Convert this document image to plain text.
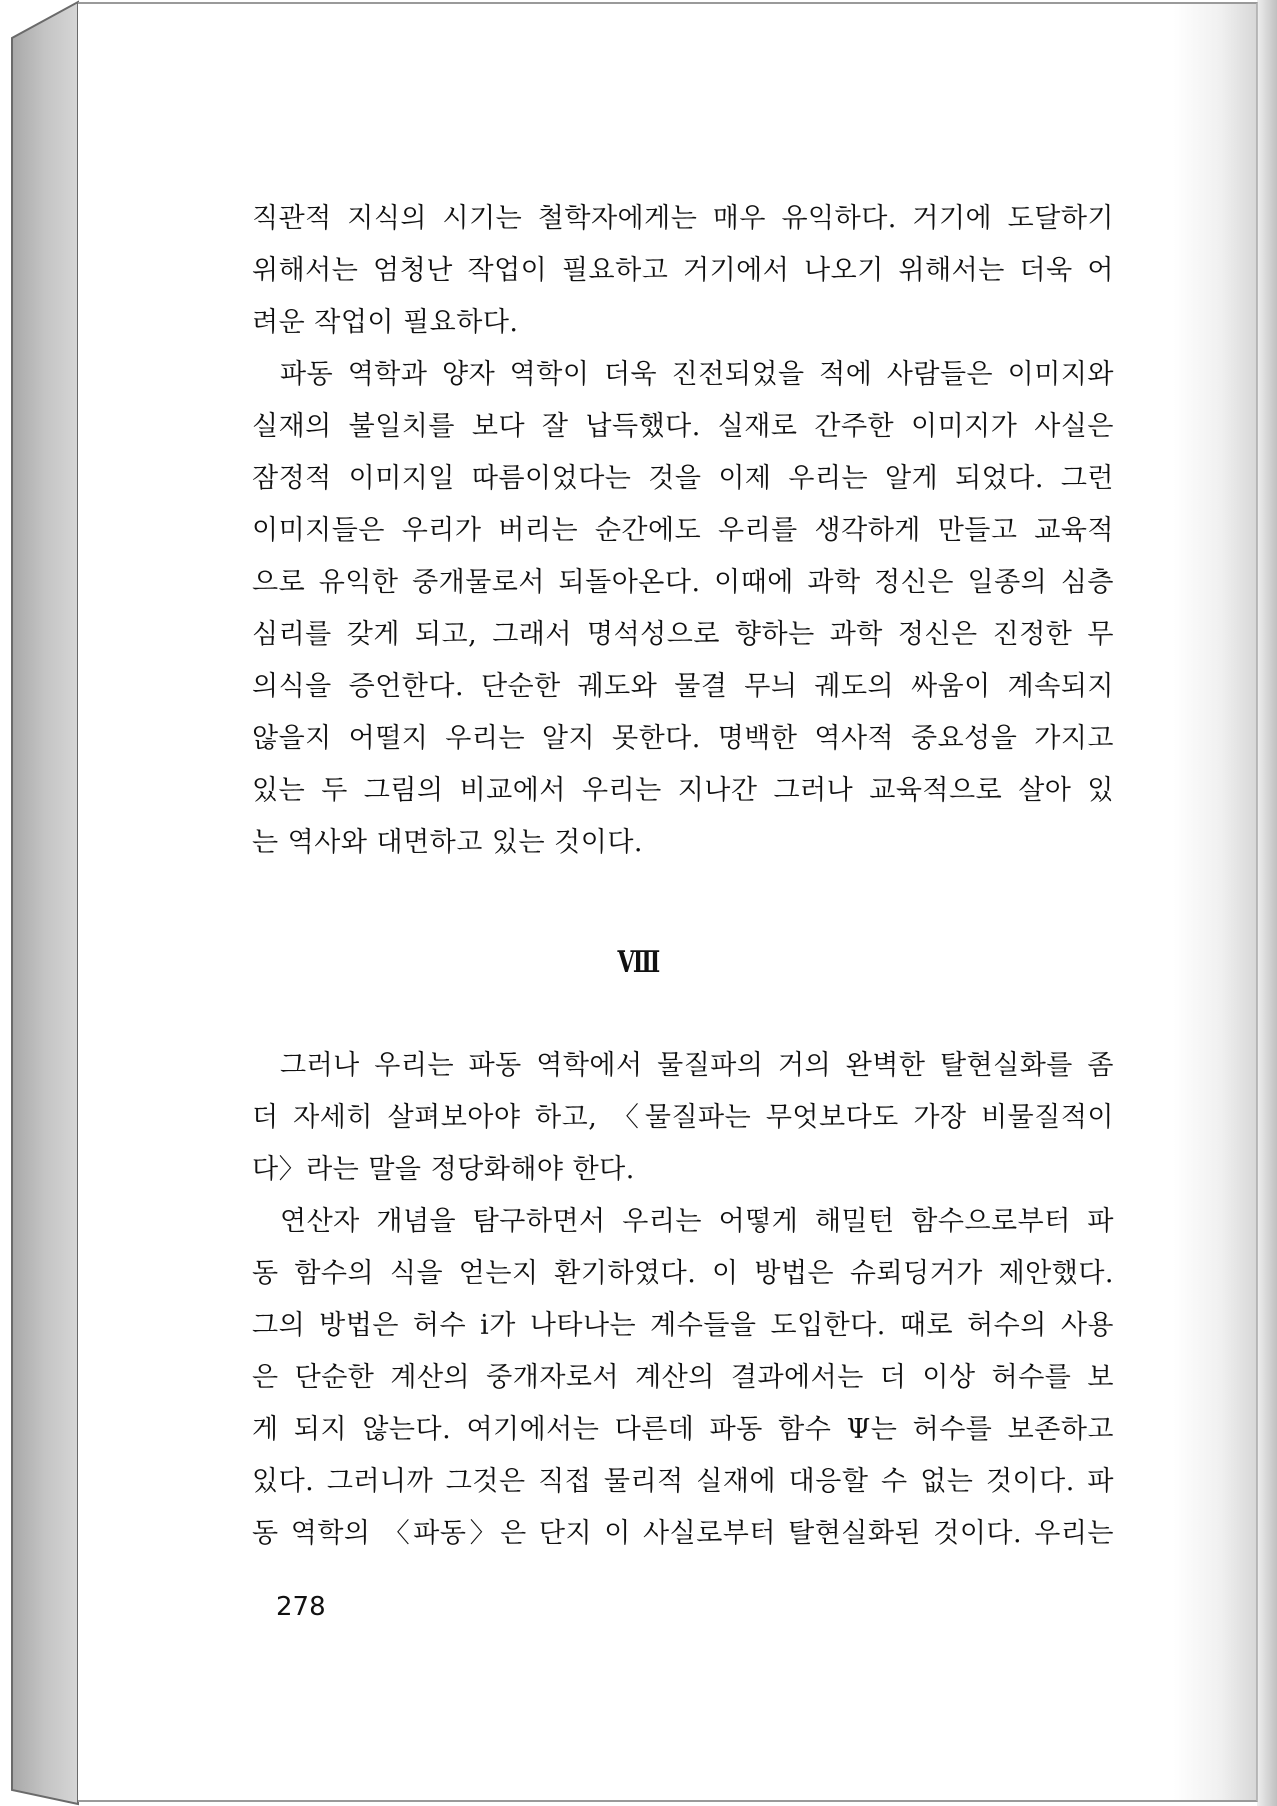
직관적 지식의 시기는 철학자에게는 매우 유익하다. 거기에 도달하기
위해서는 엄청난 작업이 필요하고 거기에서 나오기 위해서는 더욱 어
려운 작업이 필요하다.
파동 역학과 양자 역학이 더욱 진전되었을 적에 사람들은 이미지와
실재의 불일치를 보다 잘 납득했다. 실재로 간주한 이미지가 사실은
잠정적 이미지일 따름이었다는 것을 이제 우리는 알게 되었다. 그런
이미지들은 우리가 버리는 순간에도 우리를 생각하게 만들고 교육적
으로 유익한 중개물로서 되돌아온다. 이때에 과학 정신은 일종의 심층
심리를 갖게 되고, 그래서 명석성으로 향하는 과학 정신은 진정한 무
의식을 증언한다. 단순한 궤도와 물결 무늬 궤도의 싸움이 계속되지
않을지 어떨지 우리는 알지 못한다. 명백한 역사적 중요성을 가지고
있는 두 그림의 비교에서 우리는 지나간 그러나 교육적으로 살아 있
는 역사와 대면하고 있는 것이다.
Ⅷ
그러나 우리는 파동 역학에서 물질파의 거의 완벽한 탈현실화를 좀
더 자세히 살펴보아야 하고, 〈물질파는 무엇보다도 가장 비물질적이
다〉라는 말을 정당화해야 한다.
연산자 개념을 탐구하면서 우리는 어떻게 해밀턴 함수으로부터 파
동 함수의 식을 얻는지 환기하였다. 이 방법은 슈뢰딩거가 제안했다.
그의 방법은 허수 i가 나타나는 계수들을 도입한다. 때로 허수의 사용
은 단순한 계산의 중개자로서 계산의 결과에서는 더 이상 허수를 보
게 되지 않는다. 여기에서는 다른데 파동 함수 Ψ는 허수를 보존하고
있다. 그러니까 그것은 직접 물리적 실재에 대응할 수 없는 것이다. 파
동 역학의 〈파동〉은 단지 이 사실로부터 탈현실화된 것이다. 우리는
278
